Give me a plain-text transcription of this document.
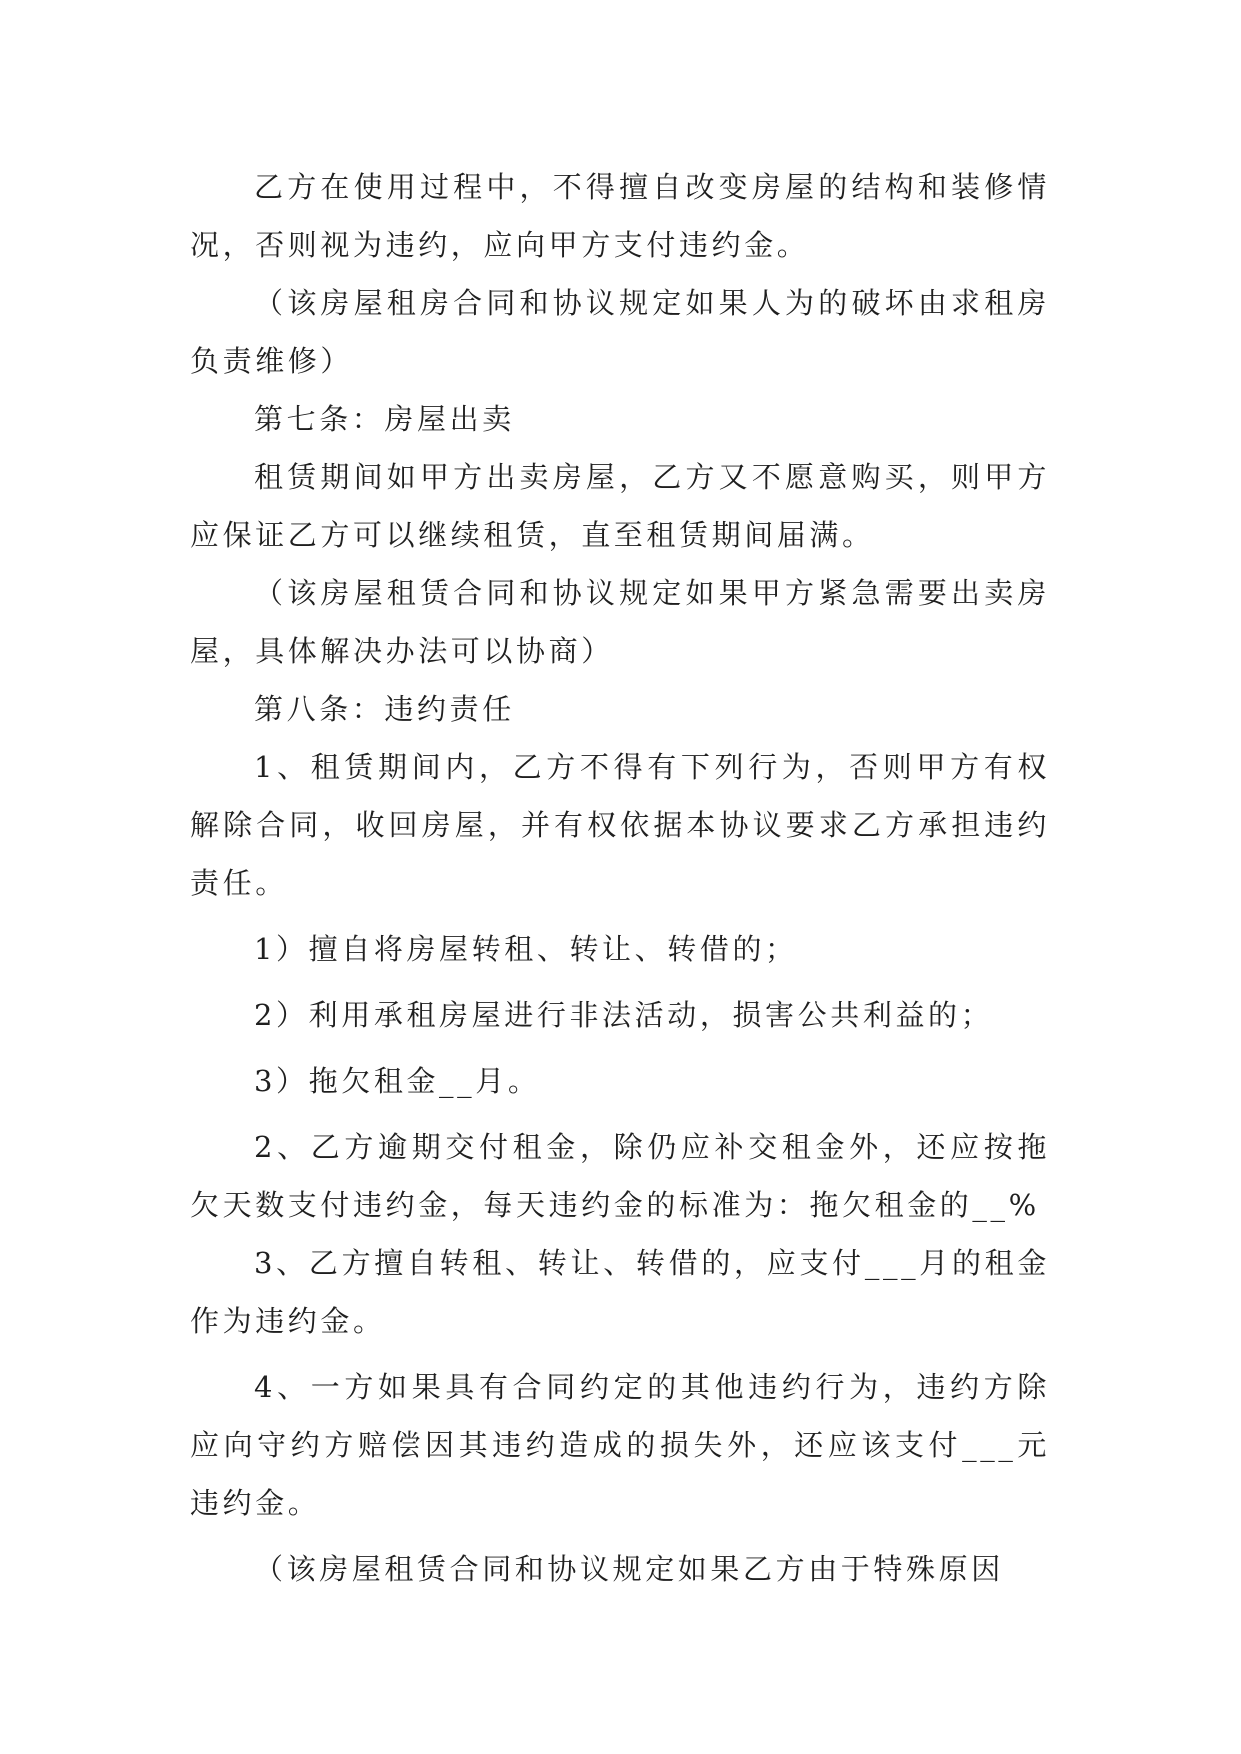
乙方在使用过程中，不得擅自改变房屋的结构和装修情况，否则视为违约，应向甲方支付违约金。

（该房屋租房合同和协议规定如果人为的破坏由求租房负责维修）

第七条：房屋出卖

租赁期间如甲方出卖房屋，乙方又不愿意购买，则甲方应保证乙方可以继续租赁，直至租赁期间届满。

（该房屋租赁合同和协议规定如果甲方紧急需要出卖房屋，具体解决办法可以协商）

第八条：违约责任

1、租赁期间内，乙方不得有下列行为，否则甲方有权解除合同，收回房屋，并有权依据本协议要求乙方承担违约责任。

1）擅自将房屋转租、转让、转借的；

2）利用承租房屋进行非法活动，损害公共利益的；

3）拖欠租金__月。

2、乙方逾期交付租金，除仍应补交租金外，还应按拖欠天数支付违约金，每天违约金的标准为：拖欠租金的__%

3、乙方擅自转租、转让、转借的，应支付___月的租金作为违约金。

4、一方如果具有合同约定的其他违约行为，违约方除应向守约方赔偿因其违约造成的损失外，还应该支付___元违约金。

（该房屋租赁合同和协议规定如果乙方由于特殊原因
